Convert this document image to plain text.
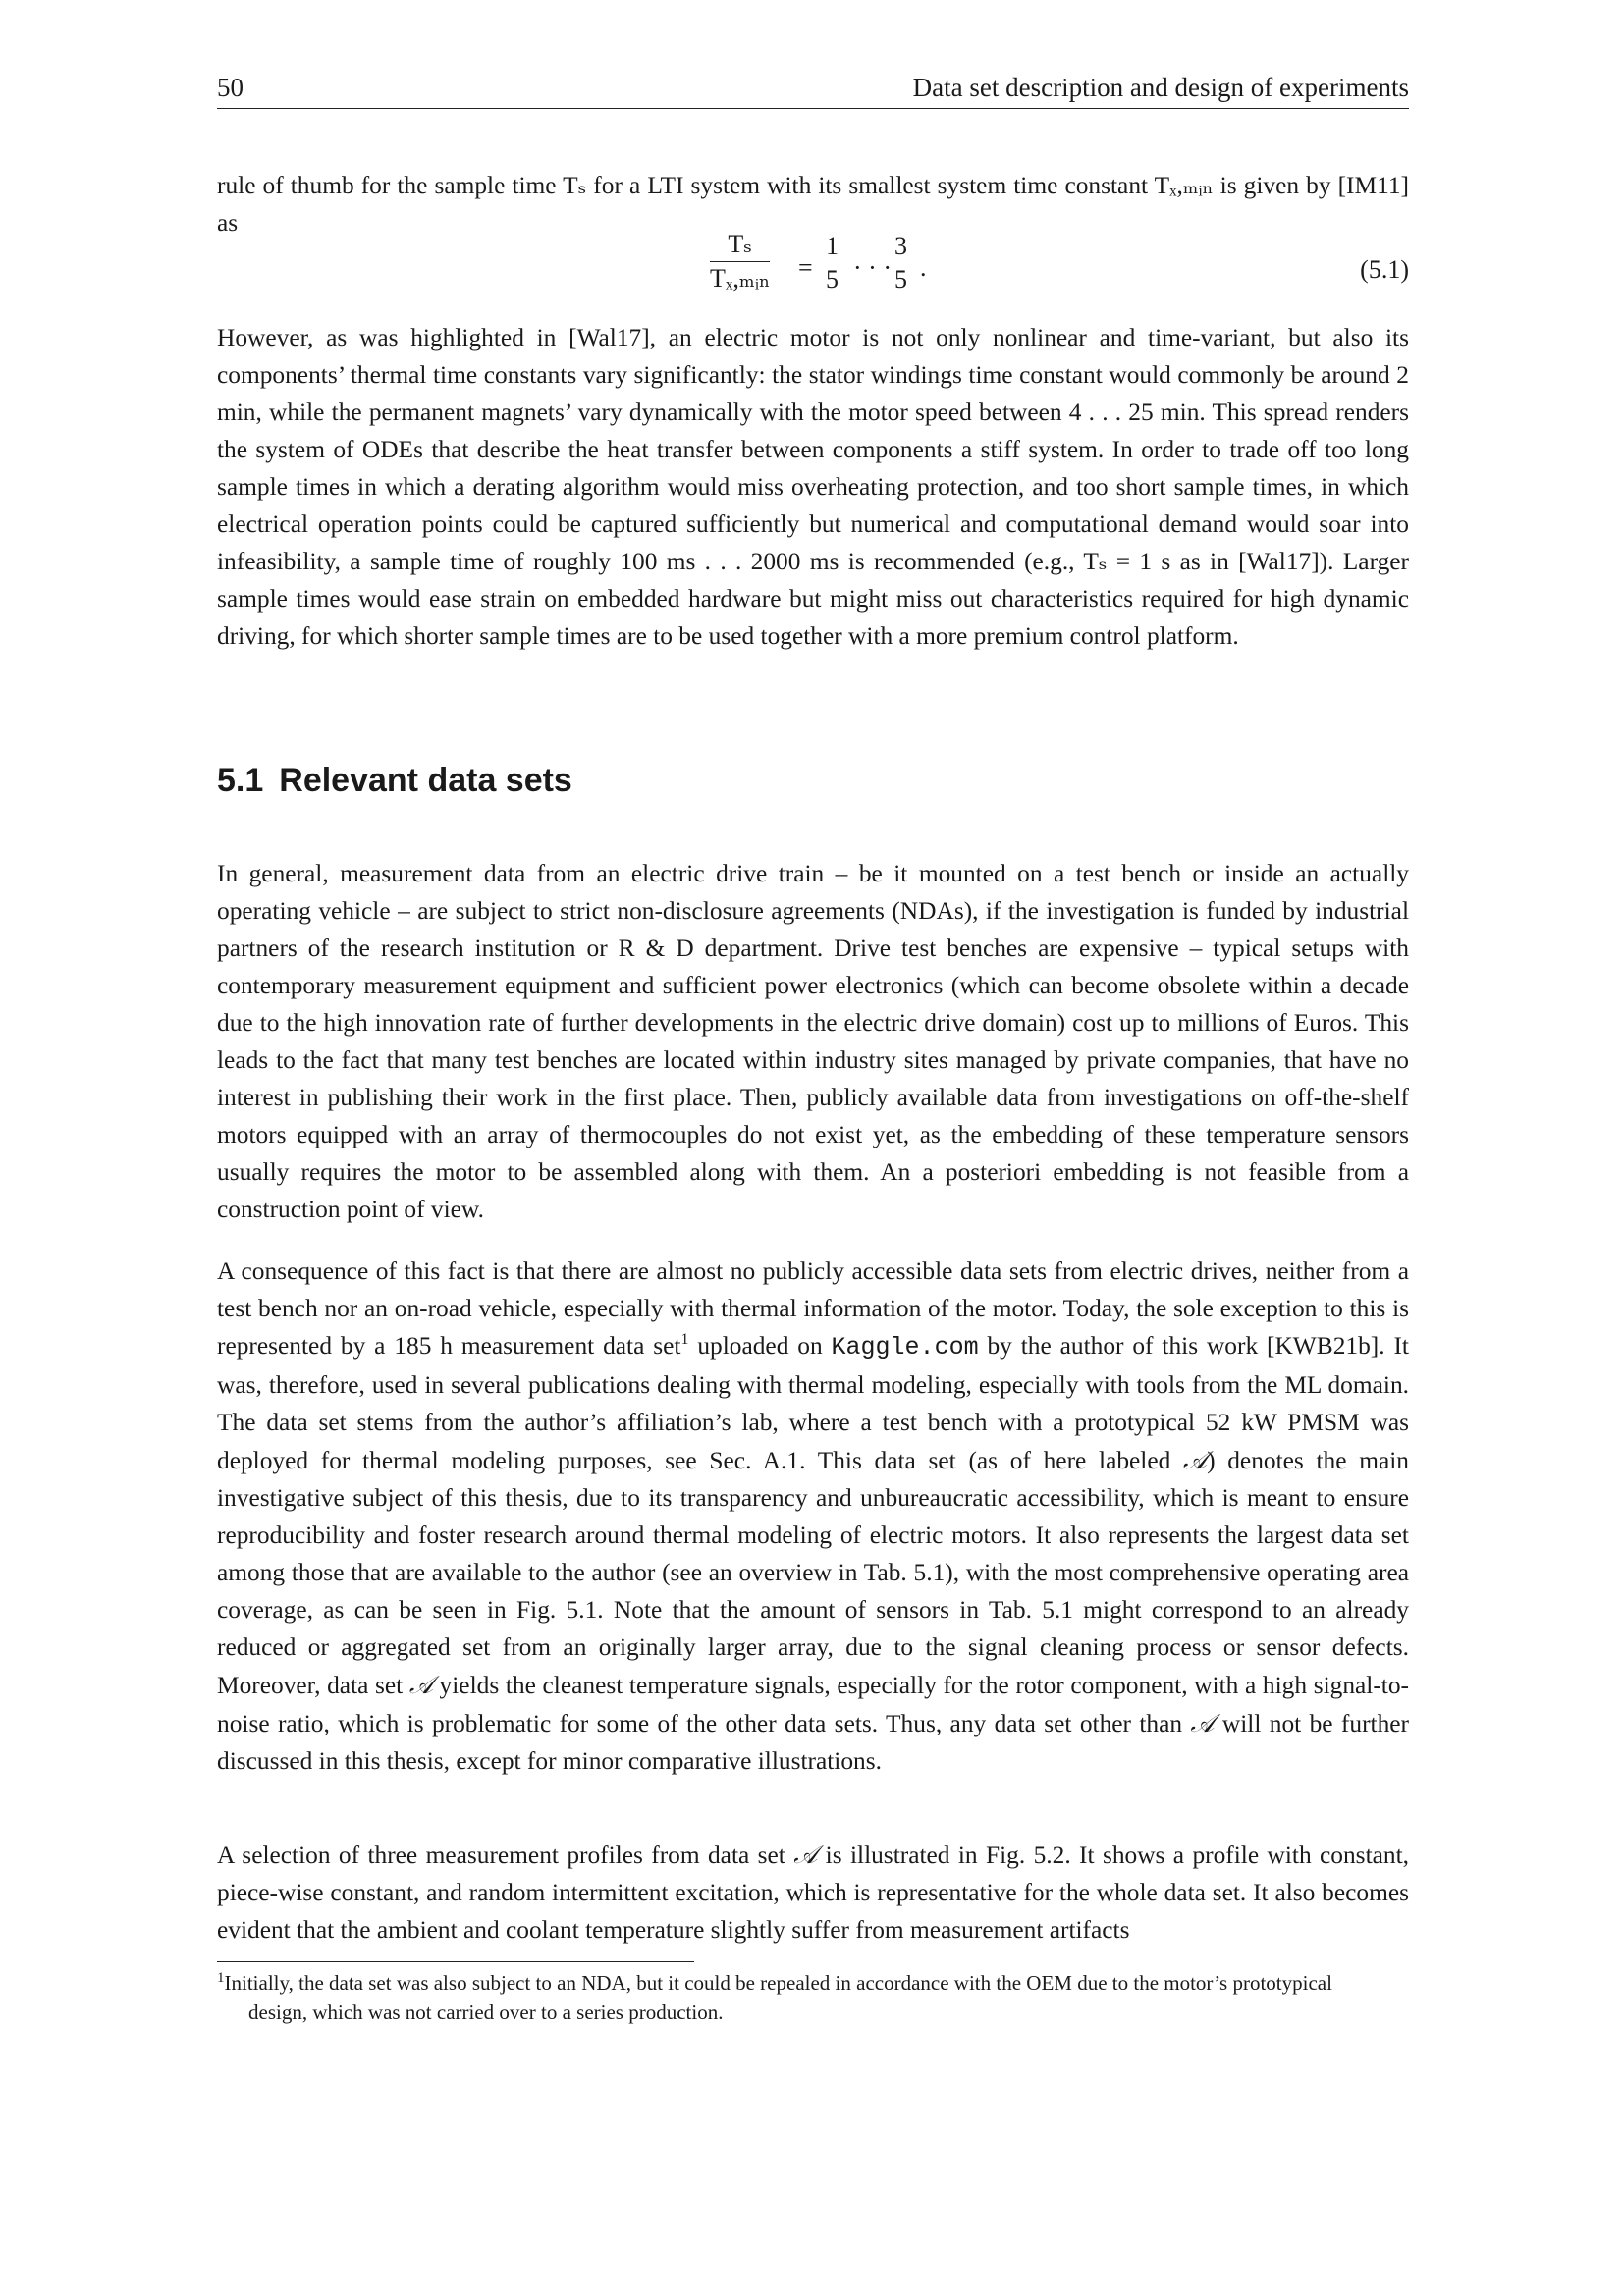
50	Data set description and design of experiments

rule of thumb for the sample time Tₛ for a LTI system with its smallest system time constant Tₓ,ₘᵢₙ is given by [IM11] as

Tₛ
Tₓ,ₘᵢₙ =
1
5 · · ·
3
5 .	(5.1)

However, as was highlighted in [Wal17], an electric motor is not only nonlinear and time-variant, but also its components’ thermal time constants vary significantly: the stator windings time constant would commonly be around 2 min, while the permanent magnets’ vary dynamically with the motor speed between 4 . . . 25 min. This spread renders the system of ODEs that describe the heat transfer between components a stiff system. In order to trade off too long sample times in which a derating algorithm would miss overheating protection, and too short sample times, in which electrical operation points could be captured sufficiently but numerical and computational demand would soar into infeasibility, a sample time of roughly 100 ms . . . 2000 ms is recommended (e.g., Tₛ = 1 s as in [Wal17]). Larger sample times would ease strain on embedded hardware but might miss out characteristics required for high dynamic driving, for which shorter sample times are to be used together with a more premium control platform.

5.1 Relevant data sets

In general, measurement data from an electric drive train – be it mounted on a test bench or inside an actually operating vehicle – are subject to strict non-disclosure agreements (NDAs), if the investigation is funded by industrial partners of the research institution or R & D department. Drive test benches are expensive – typical setups with contemporary measurement equipment and sufficient power electronics (which can become obsolete within a decade due to the high innovation rate of further developments in the electric drive domain) cost up to millions of Euros. This leads to the fact that many test benches are located within industry sites managed by private companies, that have no interest in publishing their work in the first place. Then, publicly available data from investigations on off-the-shelf motors equipped with an array of thermocouples do not exist yet, as the embedding of these temperature sensors usually requires the motor to be assembled along with them. An a posteriori embedding is not feasible from a construction point of view.

A consequence of this fact is that there are almost no publicly accessible data sets from electric drives, neither from a test bench nor an on-road vehicle, especially with thermal information of the motor. Today, the sole exception to this is represented by a 185 h measurement data set$^1$ uploaded on Kaggle.com by the author of this work [KWB21b]. It was, therefore, used in several publications dealing with thermal modeling, especially with tools from the ML domain. The data set stems from the author’s affiliation’s lab, where a test bench with a prototypical 52 kW PMSM was deployed for thermal modeling purposes, see Sec. A.1. This data set (as of here labeled 𝒜) denotes the main investigative subject of this thesis, due to its transparency and unbureaucratic accessibility, which is meant to ensure reproducibility and foster research around thermal modeling of electric motors. It also represents the largest data set among those that are available to the author (see an overview in Tab. 5.1), with the most comprehensive operating area coverage, as can be seen in Fig. 5.1. Note that the amount of sensors in Tab. 5.1 might correspond to an already reduced or aggregated set from an originally larger array, due to the signal cleaning process or sensor defects. Moreover, data set 𝒜 yields the cleanest temperature signals, especially for the rotor component, with a high signal-to-noise ratio, which is problematic for some of the other data sets. Thus, any data set other than 𝒜 will not be further discussed in this thesis, except for minor comparative illustrations.

A selection of three measurement profiles from data set 𝒜 is illustrated in Fig. 5.2. It shows a profile with constant, piece-wise constant, and random intermittent excitation, which is representative for the whole data set. It also becomes evident that the ambient and coolant temperature slightly suffer from measurement artifacts

$^1$Initially, the data set was also subject to an NDA, but it could be repealed in accordance with the OEM due to the motor’s prototypical
design, which was not carried over to a series production.
